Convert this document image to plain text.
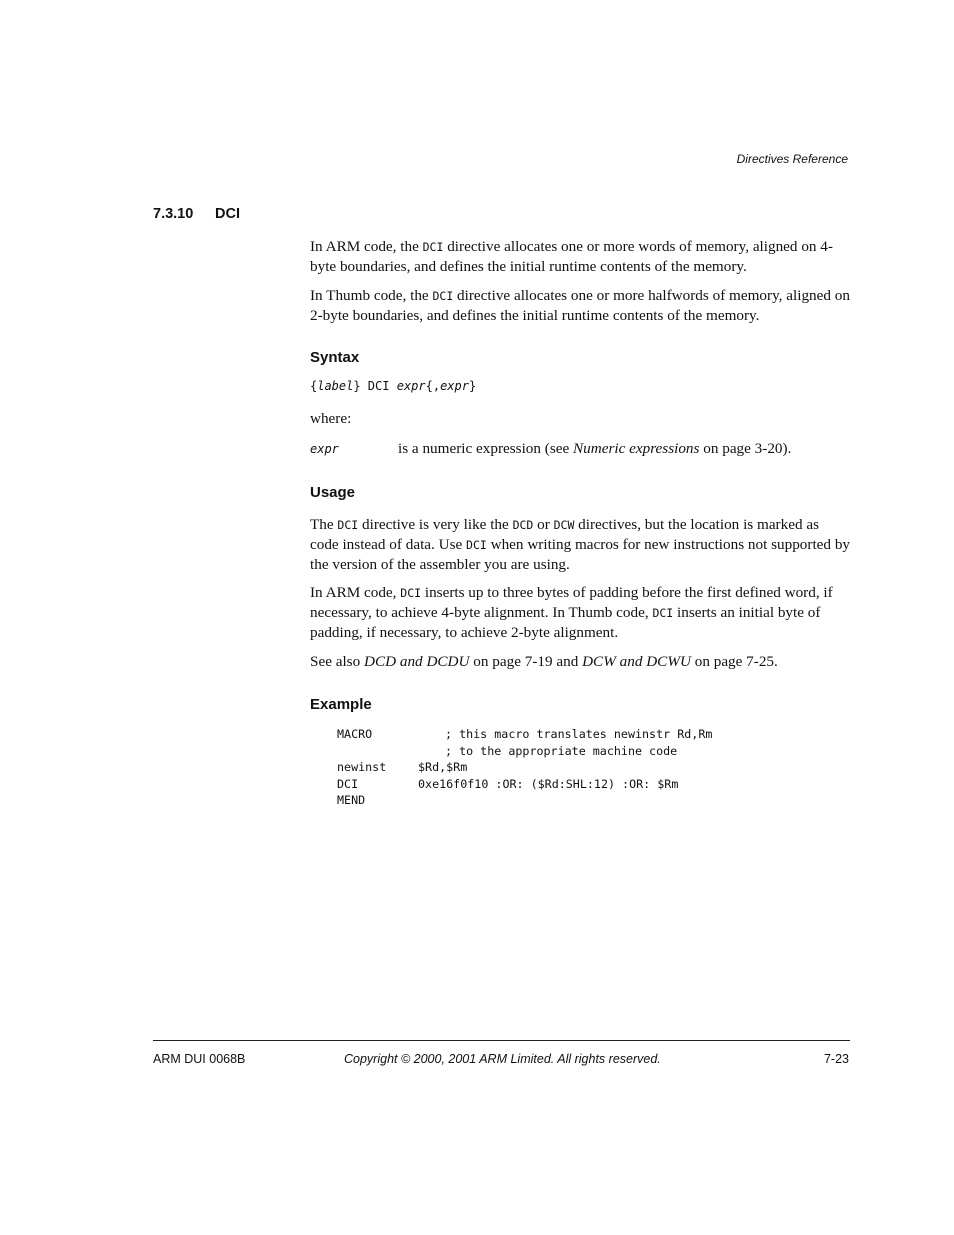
Directives Reference
7.3.10 DCI

In ARM code, the DCI directive allocates one or more words of memory, aligned on 4-byte boundaries, and defines the initial runtime contents of the memory.

In Thumb code, the DCI directive allocates one or more halfwords of memory, aligned on 2-byte boundaries, and defines the initial runtime contents of the memory.

Syntax

{label} DCI expr{,expr}

where:

expr	is a numeric expression (see Numeric expressions on page 3-20).

Usage

The DCI directive is very like the DCD or DCW directives, but the location is marked as code instead of data. Use DCI when writing macros for new instructions not supported by the version of the assembler you are using.

In ARM code, DCI inserts up to three bytes of padding before the first defined word, if necessary, to achieve 4-byte alignment. In Thumb code, DCI inserts an initial byte of padding, if necessary, to achieve 2-byte alignment.

See also DCD and DCDU on page 7-19 and DCW and DCWU on page 7-25.

Example

MACRO	; this macro translates newinstr Rd,Rm
; to the appropriate machine code
newinst	$Rd,$Rm
DCI	0xe16f0f10 :OR: ($Rd:SHL:12) :OR: $Rm
MEND
ARM DUI 0068B	Copyright © 2000, 2001 ARM Limited. All rights reserved.	7-23
